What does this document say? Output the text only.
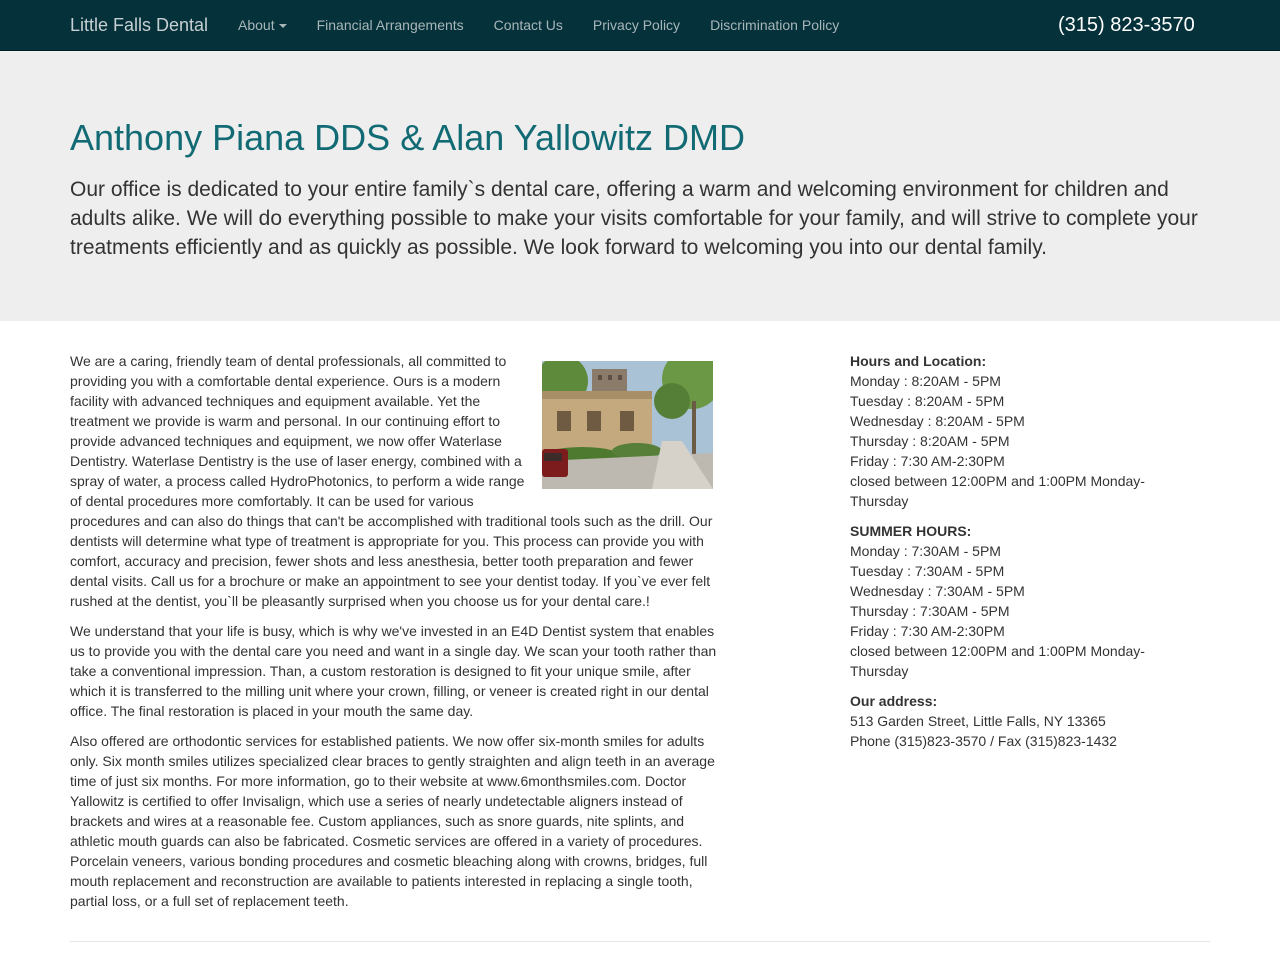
Little Falls Dental	About	Financial Arrangements	Contact Us	Privacy Policy	Discrimination Policy	(315) 823-3570
Anthony Piana DDS & Alan Yallowitz DMD

Our office is dedicated to your entire family`s dental care, offering a warm and welcoming environment for children and adults alike. We will do everything possible to make your visits comfortable for your family, and will strive to complete your treatments efficiently and as quickly as possible. We look forward to welcoming you into our dental family.

We are a caring, friendly team of dental professionals, all committed to providing you with a comfortable dental experience. Ours is a modern facility with advanced techniques and equipment available. Yet the treatment we provide is warm and personal. In our continuing effort to provide advanced techniques and equipment, we now offer Waterlase Dentistry. Waterlase Dentistry is the use of laser energy, combined with a spray of water, a process called HydroPhotonics, to perform a wide range of dental procedures more comfortably. It can be used for various procedures and can also do things that can't be accomplished with traditional tools such as the drill. Our dentists will determine what type of treatment is appropriate for you. This process can provide you with comfort, accuracy and precision, fewer shots and less anesthesia, better tooth preparation and fewer dental visits. Call us for a brochure or make an appointment to see your dentist today. If you`ve ever felt rushed at the dentist, you`ll be pleasantly surprised when you choose us for your dental care.!

We understand that your life is busy, which is why we've invested in an E4D Dentist system that enables us to provide you with the dental care you need and want in a single day. We scan your tooth rather than take a conventional impression. Than, a custom restoration is designed to fit your unique smile, after which it is transferred to the milling unit where your crown, filling, or veneer is created right in our dental office. The final restoration is placed in your mouth the same day.

Also offered are orthodontic services for established patients. We now offer six-month smiles for adults only. Six month smiles utilizes specialized clear braces to gently straighten and align teeth in an average time of just six months. For more information, go to their website at www.6monthsmiles.com. Doctor Yallowitz is certified to offer Invisalign, which use a series of nearly undetectable aligners instead of brackets and wires at a reasonable fee. Custom appliances, such as snore guards, nite splints, and athletic mouth guards can also be fabricated. Cosmetic services are offered in a variety of procedures. Porcelain veneers, various bonding procedures and cosmetic bleaching along with crowns, bridges, full mouth replacement and reconstruction are available to patients interested in replacing a single tooth, partial loss, or a full set of replacement teeth.

Hours and Location:
Monday : 8:20AM - 5PM
Tuesday : 8:20AM - 5PM
Wednesday : 8:20AM - 5PM
Thursday : 8:20AM - 5PM
Friday : 7:30 AM-2:30PM
closed between 12:00PM and 1:00PM Monday-Thursday

SUMMER HOURS:
Monday : 7:30AM - 5PM
Tuesday : 7:30AM - 5PM
Wednesday : 7:30AM - 5PM
Thursday : 7:30AM - 5PM
Friday : 7:30 AM-2:30PM
closed between 12:00PM and 1:00PM Monday-Thursday

Our address:
513 Garden Street, Little Falls, NY 13365
Phone (315)823-3570 / Fax (315)823-1432
